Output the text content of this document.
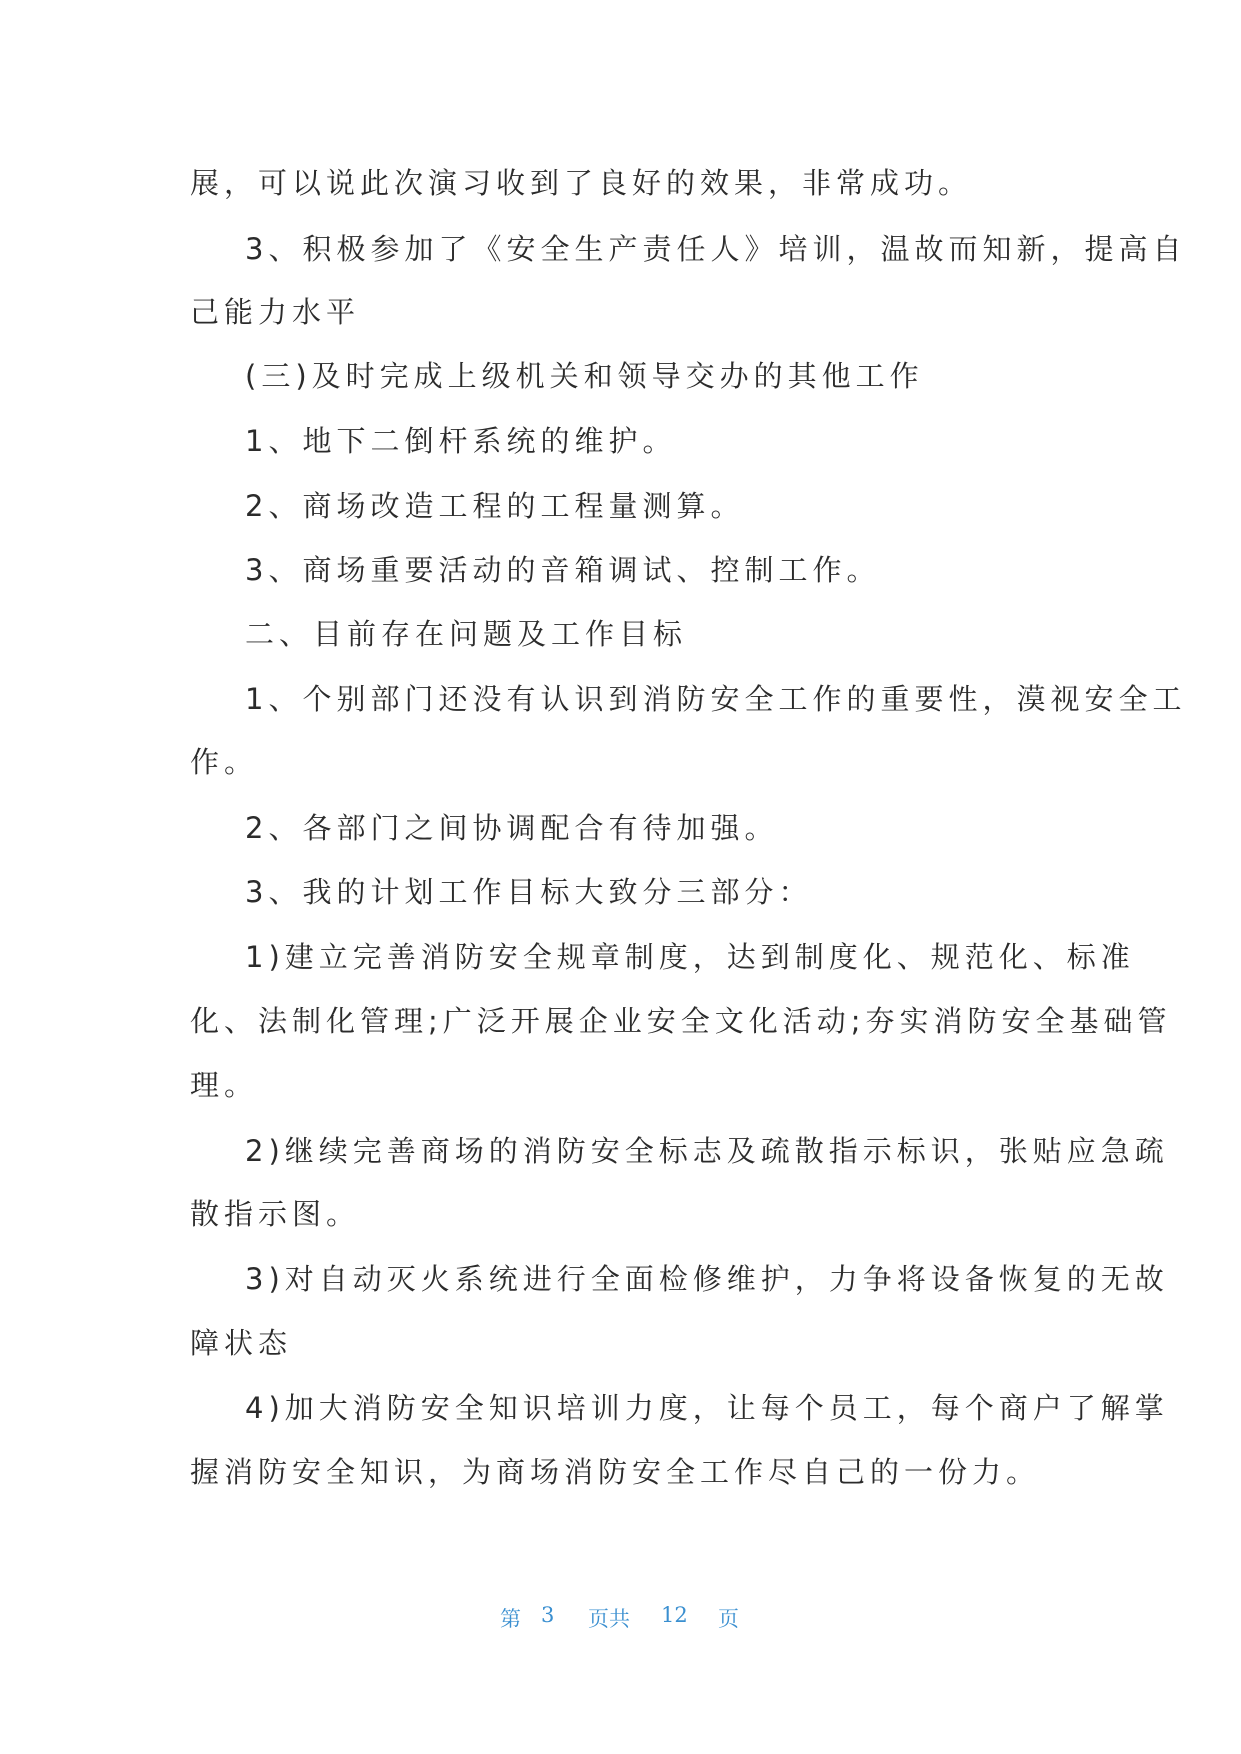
展，可以说此次演习收到了良好的效果，非常成功。
3、积极参加了《安全生产责任人》培训，温故而知新，提高自
己能力水平
(三)及时完成上级机关和领导交办的其他工作
1、地下二倒杆系统的维护。
2、商场改造工程的工程量测算。
3、商场重要活动的音箱调试、控制工作。
二、目前存在问题及工作目标
1、个别部门还没有认识到消防安全工作的重要性，漠视安全工
作。
2、各部门之间协调配合有待加强。
3、我的计划工作目标大致分三部分：
1)建立完善消防安全规章制度，达到制度化、规范化、标准
化、法制化管理;广泛开展企业安全文化活动;夯实消防安全基础管
理。
2)继续完善商场的消防安全标志及疏散指示标识，张贴应急疏
散指示图。
3)对自动灭火系统进行全面检修维护，力争将设备恢复的无故
障状态
4)加大消防安全知识培训力度，让每个员工，每个商户了解掌
握消防安全知识，为商场消防安全工作尽自己的一份力。
第 3 页共 12 页
